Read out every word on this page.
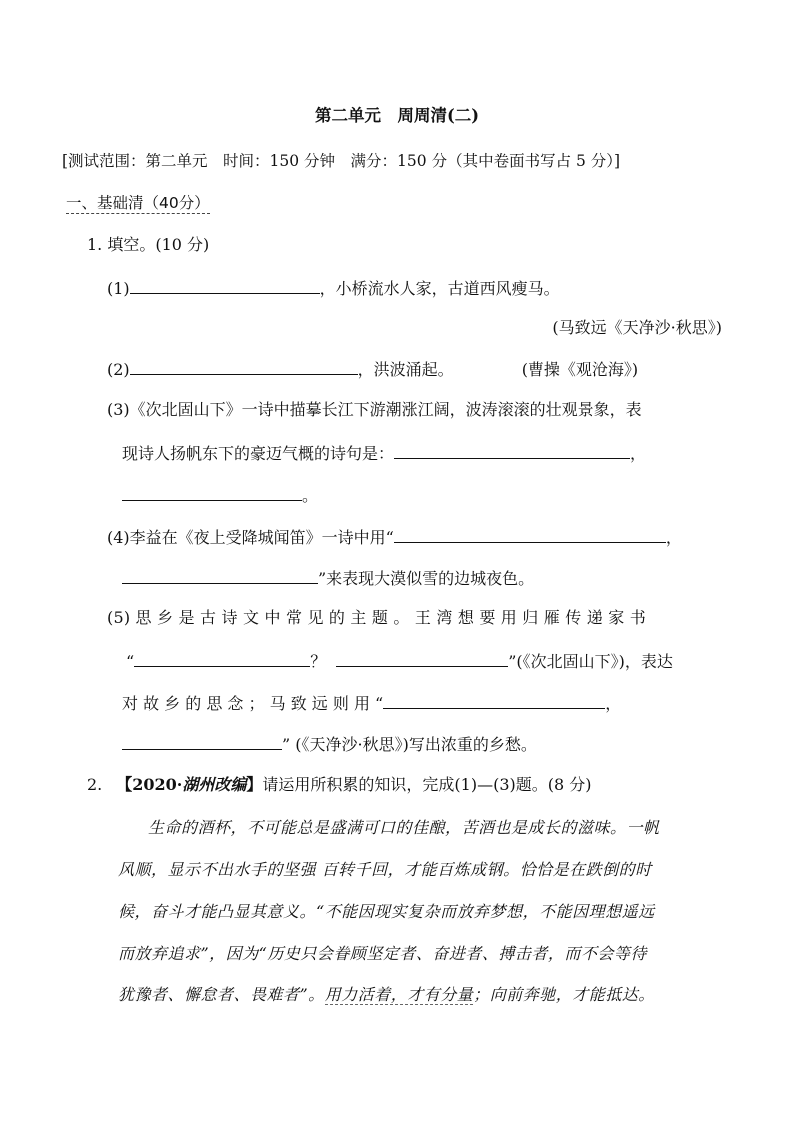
第二单元　周周清(二)
[测试范围：第二单元　时间：150 分钟　满分：150 分（其中卷面书写占 5 分）]
一、基础清（40分）
1. 填空。(10 分)
(1)	，小桥流水人家，古道西风瘦马。
(马致远《天净沙·秋思》)
(2)	，洪波涌起。	(曹操《观沧海》)
(3)《次北固山下》一诗中描摹长江下游潮涨江阔，波涛滚滚的壮观景象，表
现诗人扬帆东下的豪迈气概的诗句是：	，
。
(4)李益在《夜上受降城闻笛》一诗中用“	，
”来表现大漠似雪的边城夜色。
(5) 思 乡 是 古 诗 文 中 常 见 的 主 题 。 王 湾 想 要 用 归 雁 传 递 家 书
“	？	”(《次北固山下》)，表达
对 故 乡 的 思 念 ； 马 致 远 则 用 “	，
” (《天净沙·秋思》)写出浓重的乡愁。
2. 【2020·湖州改编】请运用所积累的知识，完成(1)—(3)题。(8 分)
生命的酒杯，不可能总是盛满可口的佳酿，苦酒也是成长的滋味。一帆
风顺，显示不出水手的坚强 百转千回，才能百炼成钢。恰恰是在跌倒的时
候，奋斗才能凸显其意义。“不能因现实复杂而放弃梦想，不能因理想遥远
而放弃追求”，因为“历史只会眷顾坚定者、奋进者、搏击者，而不会等待
犹豫者、懈怠者、畏难者”。用力活着，才有分量；向前奔驰，才能抵达。
